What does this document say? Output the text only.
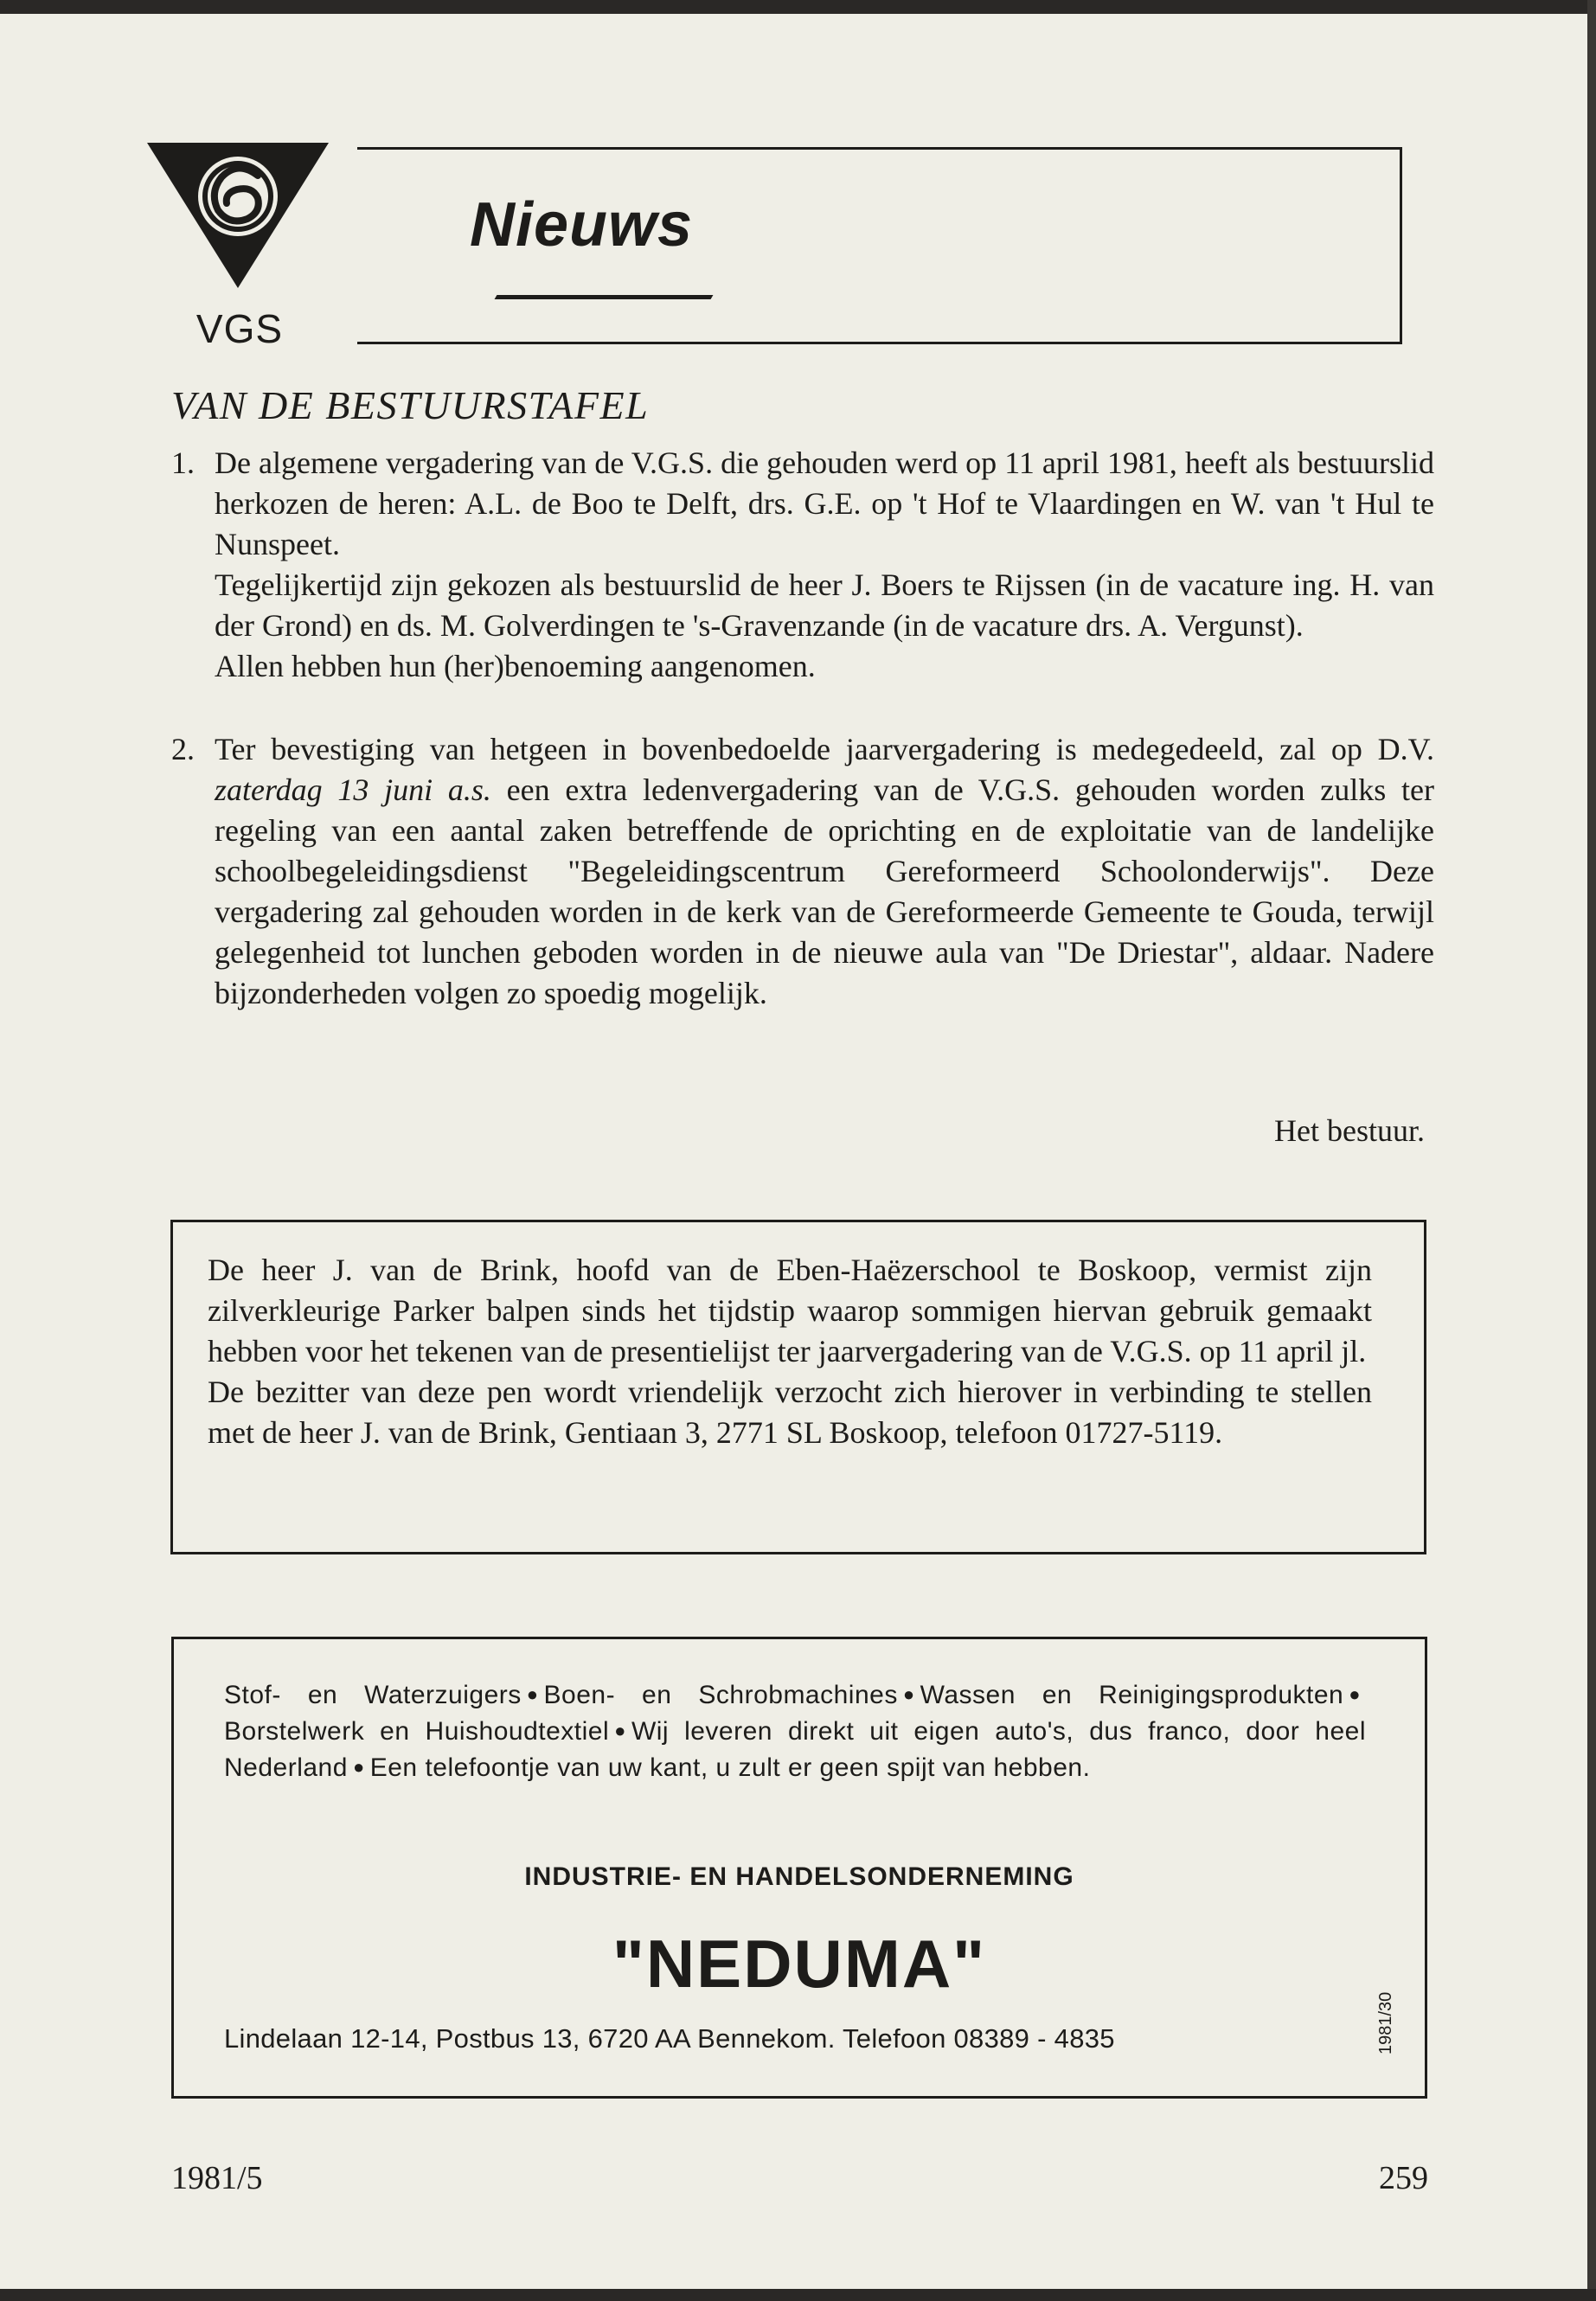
VGS
Nieuws
VAN DE BESTUURSTAFEL
1. De algemene vergadering van de V.G.S. die gehouden werd op 11 april 1981, heeft als bestuurslid herkozen de heren: A.L. de Boo te Delft, drs. G.E. op 't Hof te Vlaardingen en W. van 't Hul te Nunspeet.

Tegelijkertijd zijn gekozen als bestuurslid de heer J. Boers te Rijssen (in de vacature ing. H. van der Grond) en ds. M. Golverdingen te 's-Gravenzande (in de vacature drs. A. Vergunst).

Allen hebben hun (her)benoeming aangenomen.

2. Ter bevestiging van hetgeen in bovenbedoelde jaarvergadering is medegedeeld, zal op D.V. zaterdag 13 juni a.s. een extra ledenvergadering van de V.G.S. gehouden worden zulks ter regeling van een aantal zaken betreffende de oprichting en de exploitatie van de landelijke schoolbegeleidingsdienst "Begeleidingscentrum Gereformeerd Schoolonderwijs". Deze vergadering zal gehouden worden in de kerk van de Gereformeerde Gemeente te Gouda, terwijl gelegenheid tot lunchen geboden worden in de nieuwe aula van "De Driestar", aldaar. Nadere bijzonderheden volgen zo spoedig mogelijk.

Het bestuur.

De heer J. van de Brink, hoofd van de Eben-Haëzerschool te Boskoop, vermist zijn zilverkleurige Parker balpen sinds het tijdstip waarop sommigen hiervan gebruik gemaakt hebben voor het tekenen van de presentielijst ter jaarvergadering van de V.G.S. op 11 april jl.

De bezitter van deze pen wordt vriendelijk verzocht zich hierover in verbinding te stellen met de heer J. van de Brink, Gentiaan 3, 2771 SL Boskoop, telefoon 01727-5119.

Stof- en Waterzuigers ● Boen- en Schrobmachines ● Wassen en Reinigingsprodukten ●Borstelwerk en Huishoudtextiel ● Wij leveren direkt uit eigen auto's, dus franco, door heel Nederland ● Een telefoontje van uw kant, u zult er geen spijt van hebben.
INDUSTRIE- EN HANDELSONDERNEMING
"NEDUMA"
Lindelaan 12-14, Postbus 13, 6720 AA Bennekom. Telefoon 08389 - 4835	1981/30
1981/5	259
